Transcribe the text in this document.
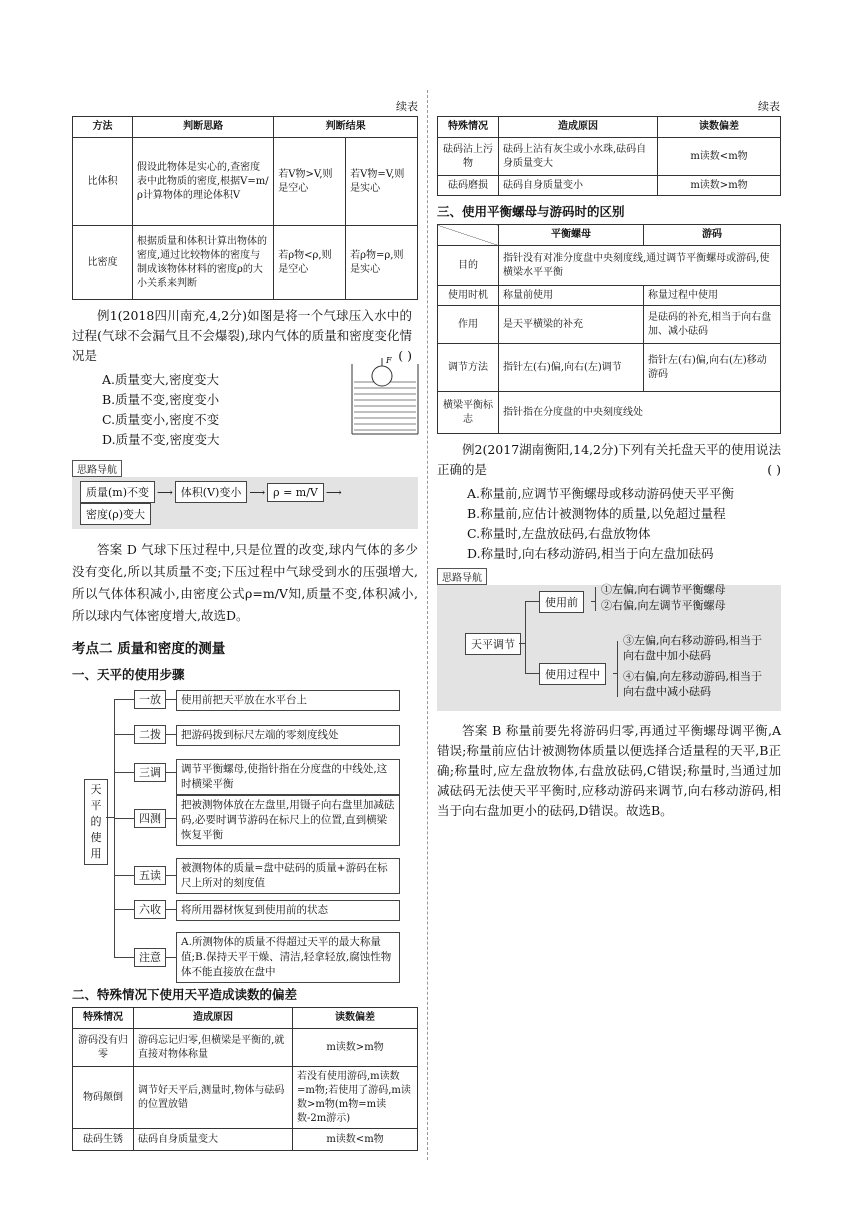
续表	续表
方法	判断思路	判断结果	
比体积	假设此物体是实心的,查密度表中此物质的密度,根据V=m/ρ计算物体的理论体积V	若V物>V,则是空心	若V物=V,则是实心
比密度	根据质量和体积计算出物体的密度,通过比较物体的密度与制成该物体材料的密度ρ的大小关系来判断	若ρ物<ρ,则是空心	若ρ物=ρ,则是实心

例1(2018四川南充,4,2分)如图是将一个气球压入水中的过程(气球不会漏气且不会爆裂),球内气体的质量和密度变化情况是	( )

A.质量变大,密度变大
B.质量不变,密度变小
C.质量变小,密度不变
D.质量不变,密度变大
F
思路导航
质量(m)不变 ⟶ 体积(V)变小 ⟶ ρ = m/V ⟶密度(ρ)变大

答案 D 气球下压过程中,只是位置的改变,球内气体的多少没有变化,所以其质量不变;下压过程中气球受到水的压强增大,所以气体体积减小,由密度公式ρ=m/V知,质量不变,体积减小,所以球内气体密度增大,故选D。

考点二 质量和密度的测量
一、天平的使用步骤
天平的使用
一放	使用前把天平放在水平台上
二拨	把游码拨到标尺左端的零刻度线处
三调	调节平衡螺母,使指针指在分度盘的中线处,这时横梁平衡
四测
把被测物体放在左盘里,用镊子向右盘里加减砝码,必要时调节游码在标尺上的位置,直到横梁恢复平衡
五读
被测物体的质量=盘中砝码的质量+游码在标尺上所对的刻度值
六收	将所用器材恢复到使用前的状态
注意
A.所测物体的质量不得超过天平的最大称量值;B.保持天平干燥、清洁,轻拿轻放,腐蚀性物体不能直接放在盘中
二、特殊情况下使用天平造成读数的偏差
特殊情况	造成原因	读数偏差
游码没有归零	游码忘记归零,但横梁是平衡的,就直接对物体称量	m读数>m物
物码颠倒	调节好天平后,测量时,物体与砝码的位置放错	若没有使用游码,m读数=m物;若使用了游码,m读数>m物(m物=m读数-2m游示)
砝码生锈	砝码自身质量变大	m读数<m物
特殊情况	造成原因	读数偏差
砝码沾上污物	砝码上沾有灰尘或小水珠,砝码自身质量变大	m读数<m物
砝码磨损	砝码自身质量变小	m读数>m物
三、使用平衡螺母与游码时的区别
	平衡螺母	游码
目的	指针没有对准分度盘中央刻度线,通过调节平衡螺母或游码,使横梁水平平衡	
使用时机	称量前使用	称量过程中使用
作用	是天平横梁的补充	是砝码的补充,相当于向右盘加、减小砝码
调节方法	指针左(右)偏,向右(左)调节	指针左(右)偏,向右(左)移动游码
横梁平衡标志	指针指在分度盘的中央刻度线处	

例2(2017湖南衡阳,14,2分)下列有关托盘天平的使用说法正确的是	( )

A.称量前,应调节平衡螺母或移动游码使天平平衡
B.称量前,应估计被测物体的质量,以免超过量程
C.称量时,左盘放砝码,右盘放物体
D.称量时,向右移动游码,相当于向左盘加砝码
思路导航
天平调节
使用前
使用过程中
①左偏,向右调节平衡螺母
②右偏,向左调节平衡螺母
③左偏,向右移动游码,相当于向右盘中加小砝码
④右偏,向左移动游码,相当于向右盘中减小砝码

答案 B 称量前要先将游码归零,再通过平衡螺母调平衡,A错误;称量前应估计被测物体质量以便选择合适量程的天平,B正确;称量时,应左盘放物体,右盘放砝码,C错误;称量时,当通过加减砝码无法使天平平衡时,应移动游码来调节,向右移动游码,相当于向右盘加更小的砝码,D错误。故选B。
